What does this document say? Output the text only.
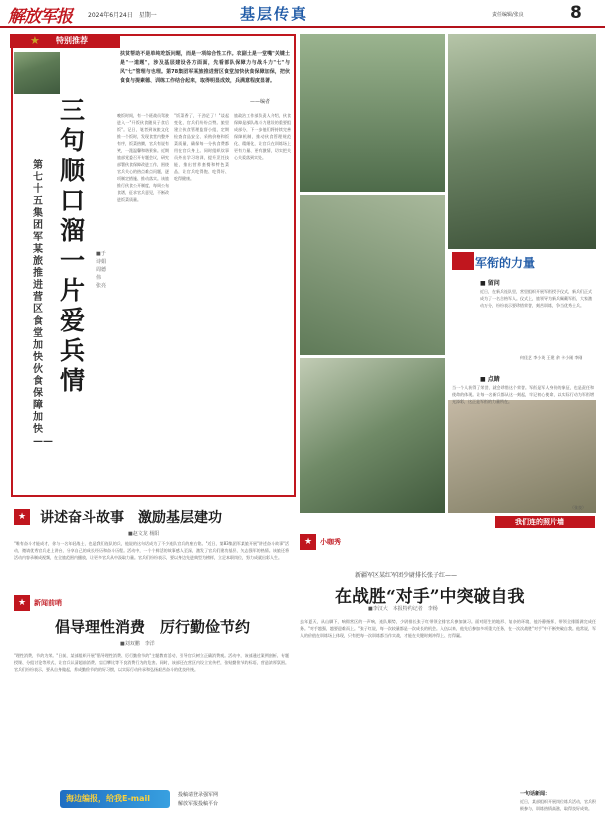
解放军报	2024年6月24日　星期一	基层传真	责任编辑/张良	8
★ 特别推荐
扶贫帮助不是单纯吃饭问题，而是一项综合性工作。农副土是一堂嘴"关键土是"一道题"，涉及基层建设各方面面，先看部队保障力与战斗力"七"与风"七"管理与也理。第78集团军某旅推进营区食堂加快伙食保障加保，把伙食食与提素德、训练工作结合起来，取得明显成效，兵满意程度显著。
——编者
三句顺口溜　一片爱兵情
第七十五集团军某旅推进营区食堂加快伙食保障加快——
■于诗娟　周德伟　张亮
晚饭时间，有一个班战员驾驶进入一"开饭伙食随员子食后饭"。记日，笔者到该旅文化推一个饭时，发现食堂内整齐有序，饭菜热腾，官兵有说有笑，一派温馨和谐景象。近期旅部党委召开专题会议，研究部署伙食保障改进工作，围绕官兵关心的热点难点问题，逐项制定措施、推动落实。该旅推行伙食公开制度，每周公布食谱，征求官兵意见，不断改进饭菜质量。
"饭菜香了，干劲足了！"谈起变化，官兵们纷纷点赞。旅里建立伙食管理监督小组，定期检查食品安全、采购价格和饭菜质量，确保每一分伙食费都用在官兵身上。同时组织炊事员外出学习培训，提升烹饪技能，推出营养套餐和特色菜品，让官兵吃得饱、吃得好、吃得健康。
旅政治工作部负责人介绍，伙食保障是部队战斗力建设的重要组成部分，下一步他们将持续完善保障机制，推动伙食管理规范化、精细化，让官兵在训练场上更有力量、更有激情，切实把关心关爱落到实处。
军衔的力量
■ 留问
近日，在新兵连队里，营里组织开展军衔授予仪式，新兵们正式成为了一名合格军人。仪式上，旅领导为新兵佩戴军衔，大家激动万分，纷纷表示要珍惜荣誉，刻苦训练，争当优秀士兵。
何佳艺 李小英 王建 余 卡小刚 李刚
■ 点睛
当一个人获得了荣誉，就会珍惜这个荣誉。军衔是军人身份的象征，也是责任和使命的体现。让每一名新兵都从这一刻起，牢记初心使命，以实际行动为军衔增光添彩，这正是军衔的力量所在。
（张良）
我们连的照片墙
★ 讲述奋斗故事　激励基层建功
■赵文龙 杨阳
"唯有奋斗才能成才，你与一名年轻战士，也是我们连队的兵，他说的这句话成为了不少连队官兵的座右铭。"近日，第83集团军某旅开展"讲述奋斗故事"活动，邀请优秀官兵走上讲台，分享自己的成长经历和奋斗历程。活动中，一个个鲜活的故事感人至深，激发了官兵们建功基层、矢志强军的热情。该旅还将活动内容录制成视频，在全旅范围内播放，让更多官兵从中汲取力量。官兵们纷纷表示，要以身边先进典型为榜样，立足本职岗位，努力成就出彩人生。
★	新闻前哨
倡导理性消费　厉行勤俭节约
■刘双鹏　李洋
"理性消费，节约为荣。"日前，某部组织开展"倡导理性消费、厉行勤俭节约"主题教育活动，引导官兵树立正确消费观。活动中，该部通过案例剖析、专题授课、分组讨论等形式，让官兵认清超前消费、盲目攀比等不良消费行为的危害。同时，该部还在营区内设立宣传栏，张贴勤俭节约标语，营造浓厚氛围。官兵们纷纷表示，要从自身做起，养成勤俭节约的好习惯，以实际行动传承和弘扬艰苦奋斗的优良传统。
海边编报，给我E-mail	投稿请登录强军网
解放军报投稿平台
★	小咖秀
新疆军区某红军团少尉排长张子红——
在战胜“对手”中突破自我
■李汉大　本报特约记者　李杨
去年夏天，从山脚下，响彻营区的一声响，连队顺势，少尉排长张子红带领全排官兵参加演习。面对陌生的地形、复杂的环境，他冷静指挥，带领全排圆满完成任务。"对手越强，越要迎难而上。"张子红说，每一次较量都是一次成长的机会。入伍以来，他先后参加多项重大任务，在一次次战胜"对手"中不断突破自我。他常说，军人的价值在训练场上体现，只有把每一次训练都当作实战，才能在关键时刻冲得上、打得赢。
一句话新闻：
近日，某部组织开展岗位练兵活动，官兵积极参与，训练热情高涨，取得良好成效。
